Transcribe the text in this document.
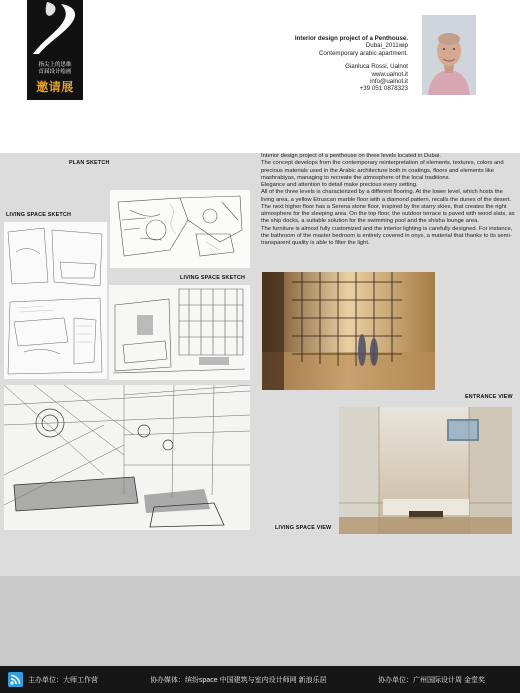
指尖上的思维
首届设计绘画
邀请展
Interior design project of a Penthouse.
Dubai_2011wip
Contemporary arabic apartment.
Gianluca Rossi, Ualnot
www.ualnot.it
info@ualnot.it
+39 051 0878323
PLAN SKETCH
LIVING SPACE SKETCH
LIVING SPACE SKETCH
ENTRANCE VIEW
LIVING SPACE VIEW

Interior design project of a penthouse on three levels located in Dubai.

The concept develops from the contemporary reinterpretation of elements, textures, colors and precious materials used in the Arabic architecture both in coatings, floors and elements like mashrabiyas, managing to recreate the atmosphere of the local traditions.

Elegance and attention to detail make precious every setting.

All of the three levels is characterized by a different flooring. At the lower level, which hosts the living area, a yellow Etruscan marble floor with a diamond pattern, recalls the dunes of the desert. The next higher floor has a Serena stone floor, inspired by the starry skies, that creates the right atmosphere for the sleeping area. On the top floor, the outdoor terrace is paved with wood slats, as the ship docks, a suitable solution for the swimming pool and the shisha lounge area.

The furniture is almost fully customized and the interior lighting is carefully designed. For instance, the bathroom of the master bedroom is entirely covered in onyx, a material that thanks to its semi-transparent quality is able to filter the light.

主办单位：大师工作营	协办媒体：缤纷space 中国建筑与室内设计师网 新浪乐居	协办单位：广州国际设计周 金堂奖
